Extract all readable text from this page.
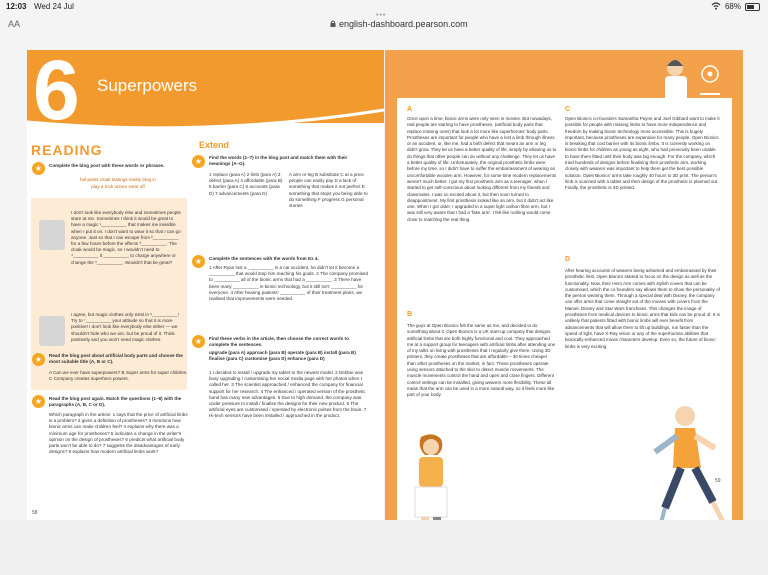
12:03 Wed 24 Jul	68%
AA
•••
english-dashboard.pearson.com
6 Superpowers
READING
★	Complete the blog post with these words or phrases.
fail-pales cloak tastings reality plug in
play a trick unlure wear off
I don't look like everybody else and sometimes people stare at me. Sometimes I think it would be great to have a magic ¹__________ that makes me invisible when I put it on. I don't want to wear it so that I can go anyone. Just so that I can escape from ²__________ for a few hours before the effects ³__________. The cloak would be magic, so I wouldn't need to ⁴__________ it __________ to charge anywhere or change the ⁵__________. Wouldn't that be great?
I agree, but magic clothes only exist in ⁶__________! Try to ⁷__________ your attitude so that it is more positive! I don't look like everybody else either — we shouldn't hide who we are, but be proud of it. Think positively and you won't need magic clothes.
★	Read the blog post about artificial body parts and choose the most suitable title (A, B or C).
A Can we ever have superpowers? B Super arms for super children. C Company creates superhero powers.
★	Read the blog post again. Match the questions (1–8) with the paragraphs (A, B, C or D).
Which paragraph in the article: 1 says that the price of artificial limbs is a problem? 2 gives a definition of prostheses? 3 mentions how bionic arms can make children feel? 4 explains why there was a minimum age for prostheses? 5 indicates a change in the writer's opinion on the design of prostheses? 6 predicts what artificial body parts won't be able to do? 7 suggests the disadvantages of early designs? 8 explains how modern artificial limbs work?
Extend
★	Find the words (1–7) in the blog post and match them with their meanings (A–G).
1 replace (para A) 2 limb (para A) 3 defect (para A) 4 affordable (para B) 5 barrier (para C) 6 accounts (para D) 7 advancements (para D)
A arm or leg B substitute C at a price people can easily pay D a lack of something that makes it not perfect E something that stops you being able to do something F progress G personal stories
★	Complete the sentences with the words from Ex 4.
1 After Ryan lost a __________ in a car accident, he didn't let it become a __________ that would stop him reaching his goals. 2 The company promised to __________ all of the bionic arms that had a __________. 3 There have been many __________ in bionic technology, but it still isn't __________ for everyone. 4 After hearing patients' __________ of their treatment plans, we realised that improvements were needed.
★	Find these verbs in the article, then choose the correct words to complete the sentences.
upgrade (para A) approach (para B) operate (para B) install (para B) finalise (para C) customise (para D) enhance (para D)
1 I decided to install / upgrade my tablet to the newest model. 2 Debbie was busy upgrading / customising her social media page with her photos when I called her. 3 The scientist approached / enhanced the company for financial support for her research. 4 The enhanced / operated version of the prosthetic hand has many new advantages. 5 Due to high demand, the company was under pressure to install / finalise the designs for their new product. 6 The artificial eyes are customised / operated by electronic pulses from the brain. 7 Hi-tech sensors have been installed / approached in the product.
58
A
Once upon a time, bionic arms were only seen in movies. But nowadays, real people are starting to have prostheses, (artificial body parts that replace missing ones) that look a lot more like superheroes' body parts. Prostheses are important for people who have a lost a limb through illness or an accident, or, like me, had a birth defect that meant an arm or leg didn't grow. They let us have a better quality of life, simply by allowing us to do things that other people can do without any challenge. They let us have a better quality of life. Unfortunately, the original prosthetic limbs were before my time, so I didn't have to suffer the embarrassment of wearing an uncomfortable wooden arm. However, for some time modern replacements weren't much better. I got my first prosthetic arm as a teenager, when I started to get self-conscious about looking different from my friends and classmates. I was so excited about it, but then soon turned to disappointment. My first prosthesis looked like an arm, but it didn't act like one. When I got older, I upgraded to a super light carbon fibre arm, but I was still very aware that I had a 'fake arm'. I felt like nothing would come close to matching the real thing.
B
The guys at Open Bionics felt the same as me, and decided to do something about it. Open Bionics is a UK start-up company that designs artificial limbs that are both highly functional and cool. They approached me at a support group for teenagers with artificial limbs after attending one of my talks on living with prostheses that I regularly give there. Using 3D printers, they create prostheses that are affordable – 30 times cheaper than other prostheses on the market, in fact. These prostheses operate using sensors attached to the skin to detect muscle movements. The muscle movements control the hand and open and close fingers. Different control settings can be installed, giving wearers more flexibility. These all mean that the arm can be used in a more natural way, so it feels more like part of your body.
C
Open Bionics co-founders Samantha Payne and Joel Gibbard want to make it possible for people with missing limbs to have more independence and freedom by making bionic technology more accessible. This is hugely important, because prostheses are expensive for many people. Open Bionics is breaking that cost barrier with its bionic limbs. It is currently working on bionic limbs for children as young as eight, who had previously been unable to have them fitted until their body was big enough. For the company, which tried hundreds of designs before finalising their prosthetic arm, working closely with wearers was important to help them get the best possible solution. Open Bionics' arms take roughly 40 hours to 3D print. The person's limb is scanned with a tablet and then design of the prosthetic is planned out. Finally, the prosthetic is 3D printed.
D
After hearing accounts of wearers being ashamed and embarrassed by their prosthetic limb, Open Bionics started to focus on the design as well as the functionality. Now, their Hero Arm comes with stylish covers that can be customised, which the co-founders say allows them to show the personality of the person wearing them. Through a special deal with Disney, the company can offer arms that come straight out of the movies with covers from the Marvel, Disney and Star Wars franchises. This changes the image of prostheses from medical devices to bionic arms that kids can be proud of. It is unlikely that patients fitted with bionic limbs will ever benefit from advancements that will allow them to lift up buildings, run faster than the speed of light, have X-Ray vision or any of the superhuman abilities that bionically-enhanced movie characters develop. Even so, the future of bionic limbs is very exciting.
59
